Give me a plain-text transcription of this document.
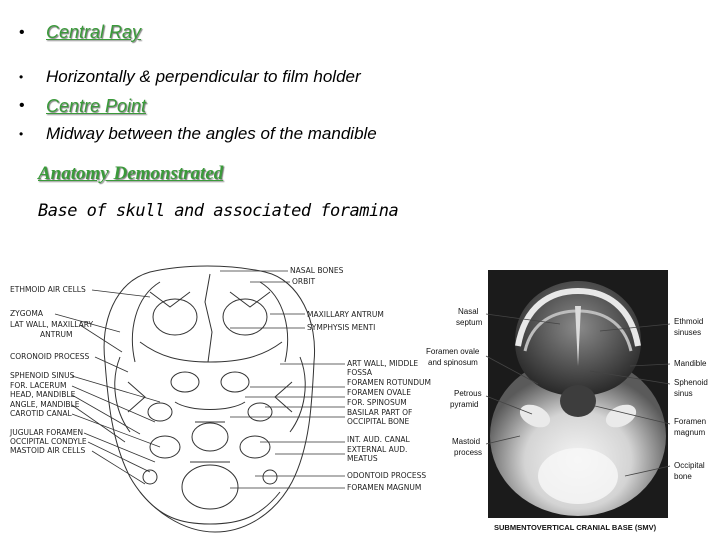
• Central Ray
• Horizontally & perpendicular to film holder
• Centre Point
• Midway between the angles of the mandible
Anatomy Demonstrated
Base of skull and associated foramina
ETHMOID AIR CELLS
ZYGOMA
LAT WALL, MAXILLARY
ANTRUM
CORONOID PROCESS
SPHENOID SINUS
FOR. LACERUM
HEAD, MANDIBLE
ANGLE, MANDIBLE
CAROTID CANAL
JUGULAR FORAMEN
OCCIPITAL CONDYLE
MASTOID AIR CELLS
NASAL BONES
ORBIT
MAXILLARY ANTRUM
SYMPHYSIS MENTI
ART WALL, MIDDLE
FOSSA
FORAMEN ROTUNDUM
FORAMEN OVALE
FOR. SPINOSUM
BASILAR PART OF
OCCIPITAL BONE
INT. AUD. CANAL
EXTERNAL AUD.
MEATUS
ODONTOID PROCESS
FORAMEN MAGNUM
Nasal
septum
Foramen ovale
and spinosum
Petrous
pyramid
Mastoid
process
Ethmoid
sinuses
Mandible
Sphenoid
sinus
Foramen
magnum
Occipital
bone
SUBMENTOVERTICAL CRANIAL BASE (SMV)
